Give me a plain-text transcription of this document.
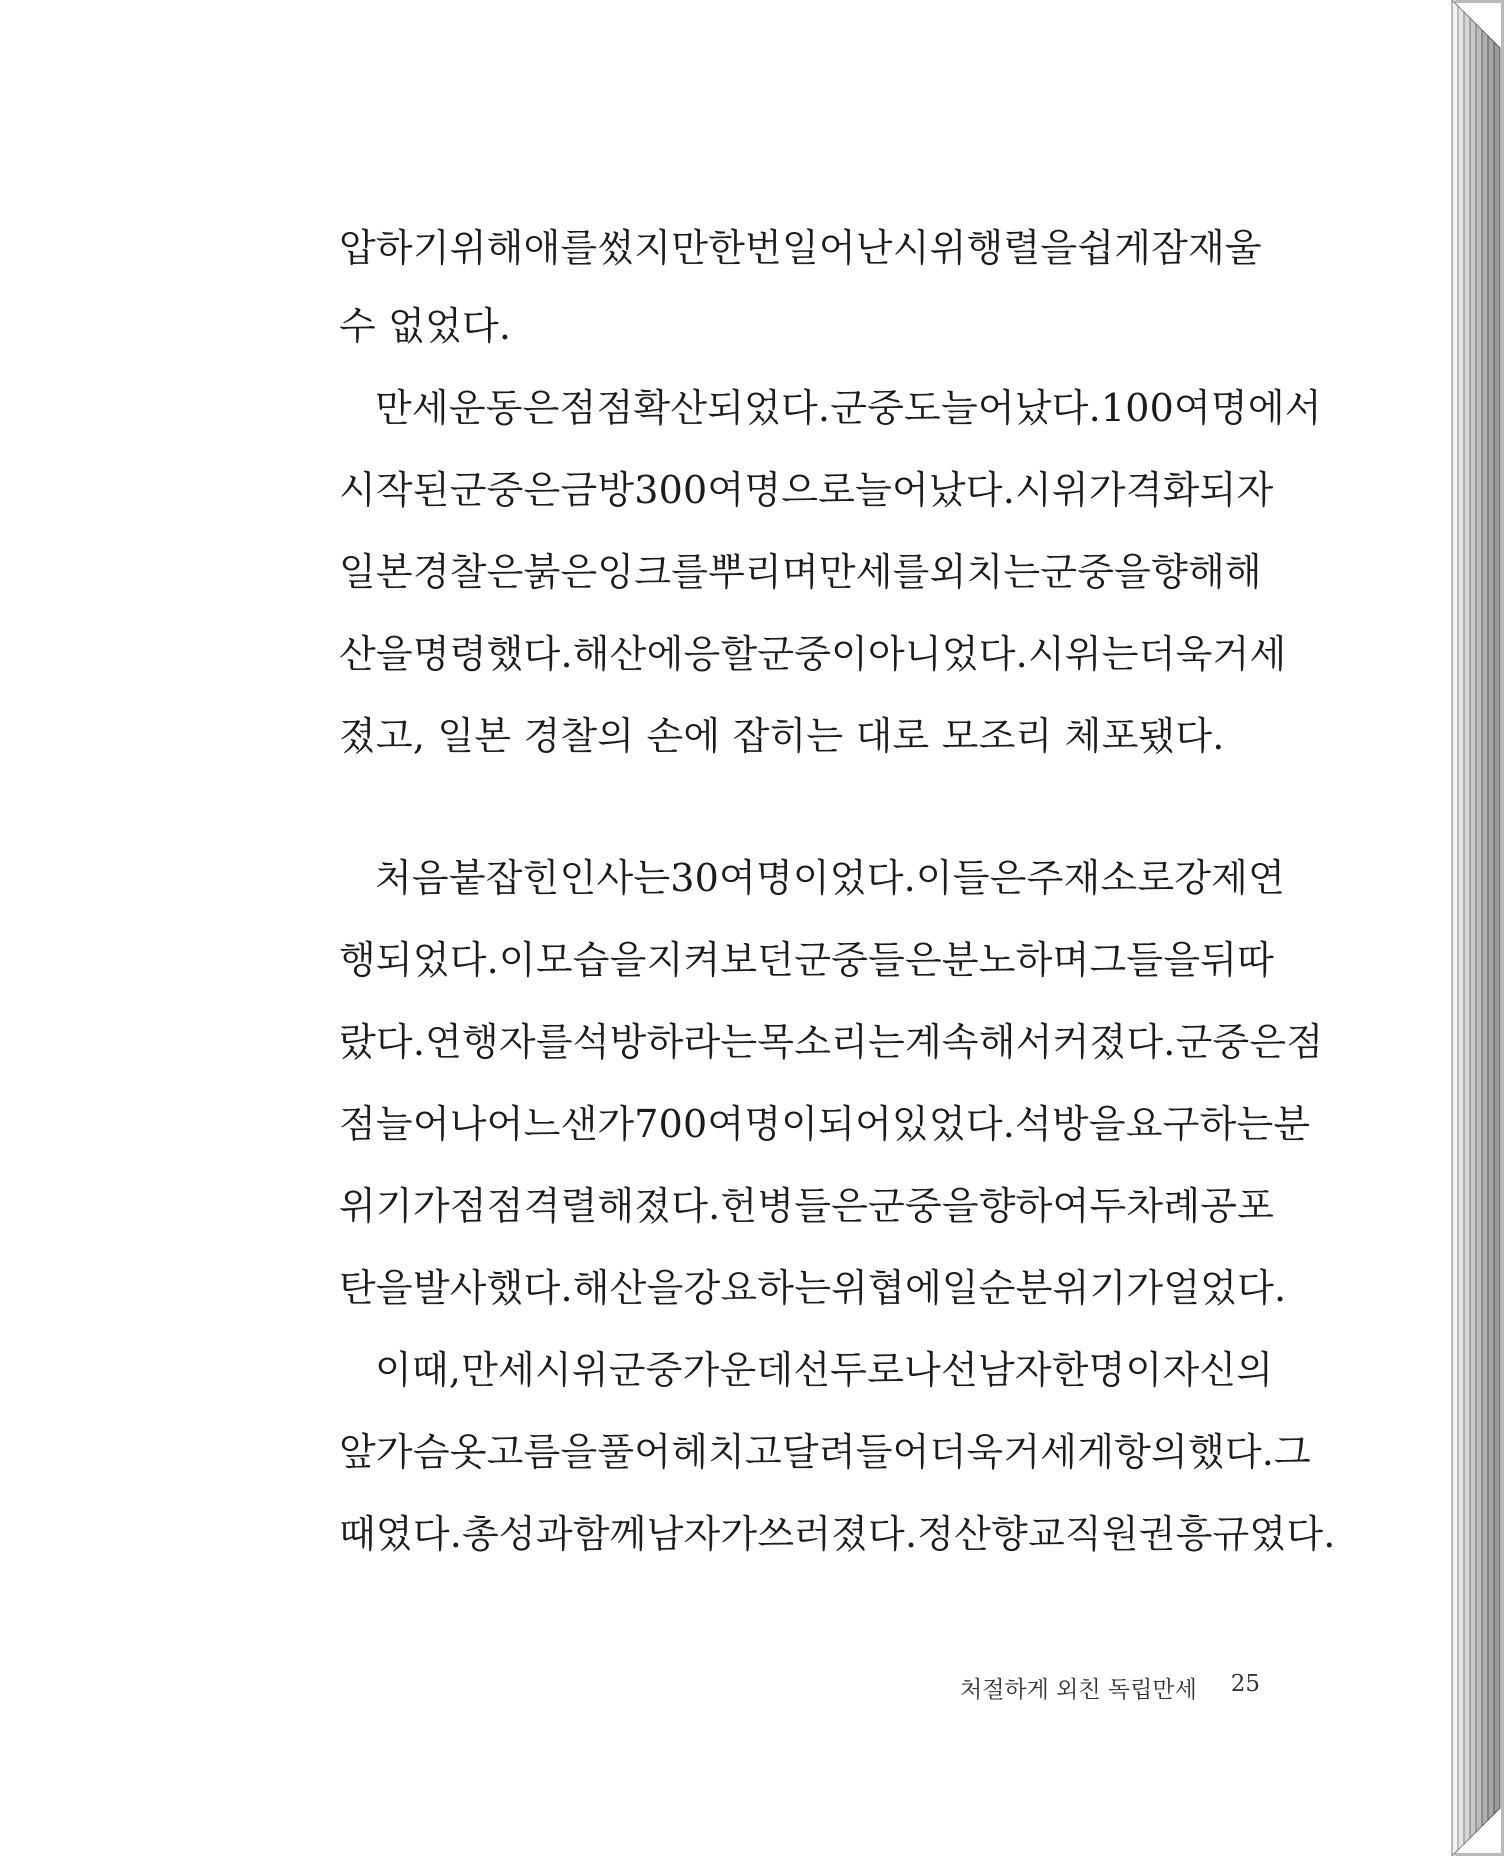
압하기 위해 애를 썼지만 한번 일어난 시위 행렬을 쉽게 잠재울
수 없었다.
만세운동은 점점 확산되었다. 군중도 늘어났다. 100여 명에서
시작된 군중은 금방 300여 명으로 늘어났다. 시위가 격화되자
일본 경찰은 붉은 잉크를 뿌리며 만세를 외치는 군중을 향해 해
산을 명령했다. 해산에 응할 군중이 아니었다. 시위는 더욱 거세
졌고, 일본 경찰의 손에 잡히는 대로 모조리 체포됐다.
처음 붙잡힌 인사는 30여 명이었다. 이들은 주재소로 강제 연
행되었다. 이 모습을 지켜보던 군중들은 분노하며 그들을 뒤따
랐다. 연행자를 석방하라는 목소리는 계속해서 커졌다. 군중은 점
점 늘어나 어느샌가 700여 명이 되어 있었다. 석방을 요구하는 분
위기가 점점 격렬해졌다. 헌병들은 군중을 향하여 두 차례 공포
탄을 발사했다. 해산을 강요하는 위협에 일순 분위기가 얼었다.
이때, 만세시위 군중 가운데 선두로 나선 남자 한 명이 자신의
앞가슴 옷고름을 풀어헤치고 달려들어 더욱 거세게 항의했다. 그
때였다. 총성과 함께 남자가 쓰러졌다. 정산향교 직원 권흥규였다.
처절하게 외친 독립만세 25
